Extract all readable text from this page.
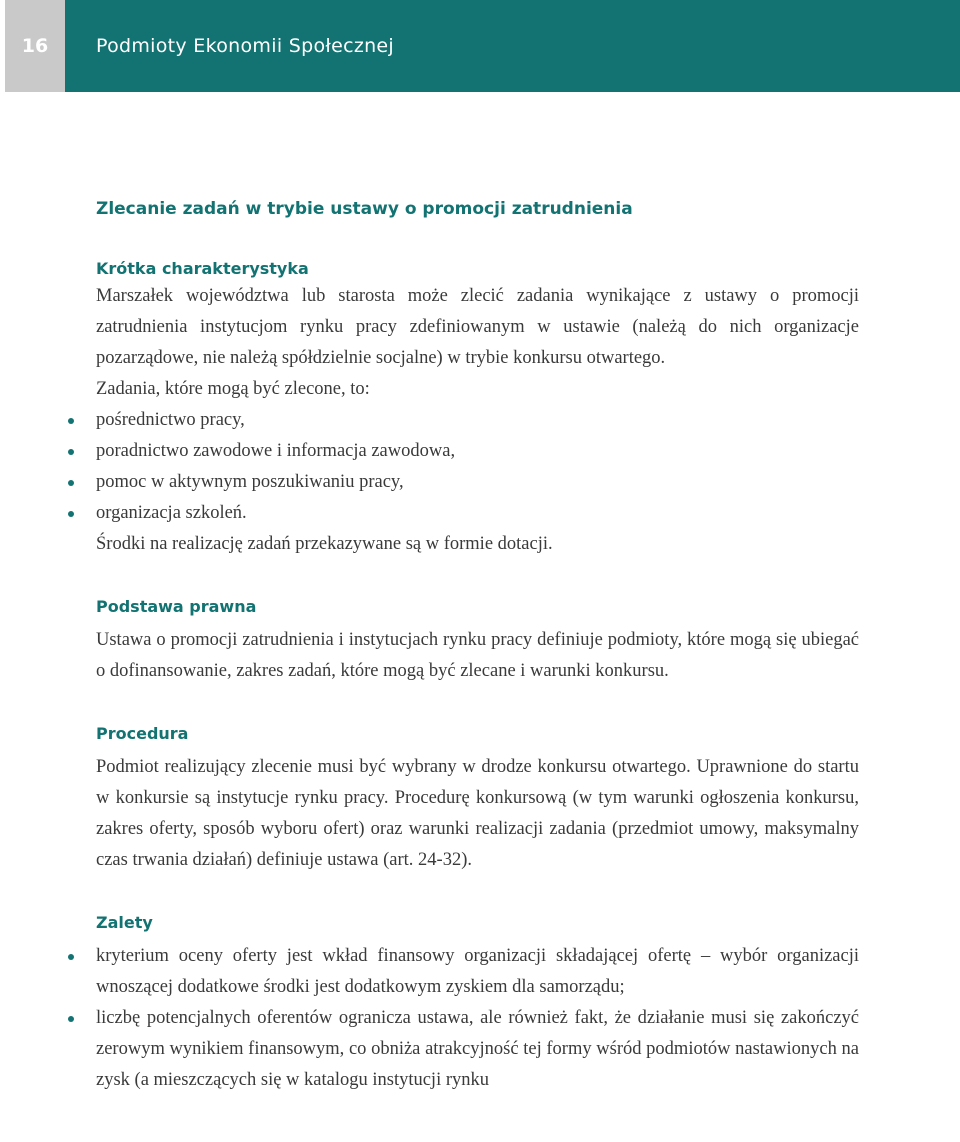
16	Podmioty Ekonomii Społecznej
Zlecanie zadań w trybie ustawy o promocji zatrudnienia
Krótka charakterystyka

Marszałek województwa lub starosta może zlecić zadania wynikające z ustawy o promocji zatrudnienia instytucjom rynku pracy zdefiniowanym w ustawie (należą do nich organizacje pozarządowe, nie należą spółdzielnie socjalne) w trybie konkursu otwartego.

Zadania, które mogą być zlecone, to:

pośrednictwo pracy,
poradnictwo zawodowe i informacja zawodowa,
pomoc w aktywnym poszukiwaniu pracy,
organizacja szkoleń.

Środki na realizację zadań przekazywane są w formie dotacji.

Podstawa prawna

Ustawa o promocji zatrudnienia i instytucjach rynku pracy definiuje podmioty, które mogą się ubiegać o dofinansowanie, zakres zadań, które mogą być zlecane i warunki konkursu.

Procedura

Podmiot realizujący zlecenie musi być wybrany w drodze konkursu otwartego. Uprawnione do startu w konkursie są instytucje rynku pracy. Procedurę konkursową (w tym warunki ogłoszenia konkursu, zakres oferty, sposób wyboru ofert) oraz warunki realizacji zadania (przedmiot umowy, maksymalny czas trwania działań) definiuje ustawa (art. 24-32).

Zalety
kryterium oceny oferty jest wkład finansowy organizacji składającej ofertę – wybór organizacji wnoszącej dodatkowe środki jest dodatkowym zyskiem dla samorządu;
liczbę potencjalnych oferentów ogranicza ustawa, ale również fakt, że działanie musi się zakończyć zerowym wynikiem finansowym, co obniża atrakcyjność tej formy wśród podmiotów nastawionych na zysk (a mieszczących się w katalogu instytucji rynku
